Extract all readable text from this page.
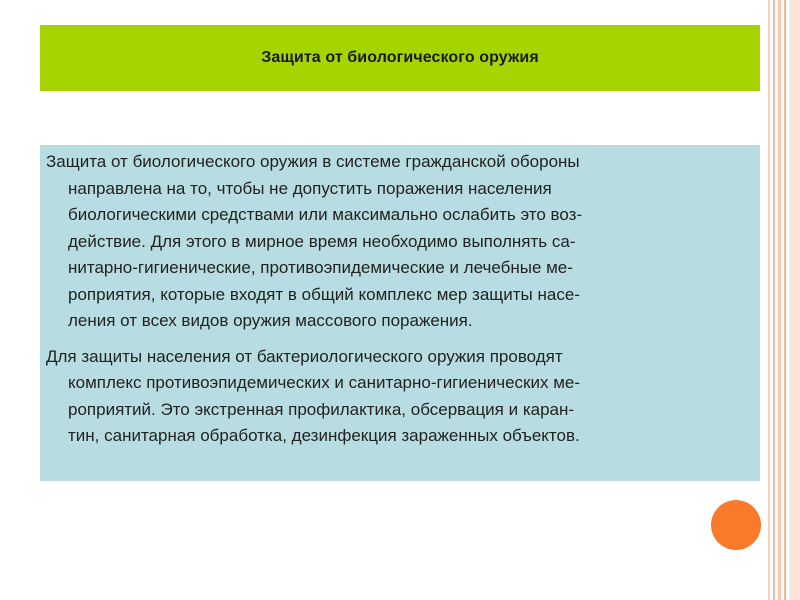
Защита от биологического оружия

Защита от биологического оружия в системе гражданской обороны
направлена на то, чтобы не допустить поражения населения
биологическими средствами или максимально ослабить это воз-
действие. Для этого в мирное время необходимо выполнять са-
нитарно-гигиенические, противоэпидемические и лечебные ме-
роприятия, которые входят в общий комплекс мер защиты насе-
ления от всех видов оружия массового поражения.

Для защиты населения от бактериологического оружия проводят
комплекс противоэпидемических и санитарно-гигиенических ме-
роприятий. Это экстренная профилактика, обсервация и каран-
тин, санитарная обработка, дезинфекция зараженных объектов.
